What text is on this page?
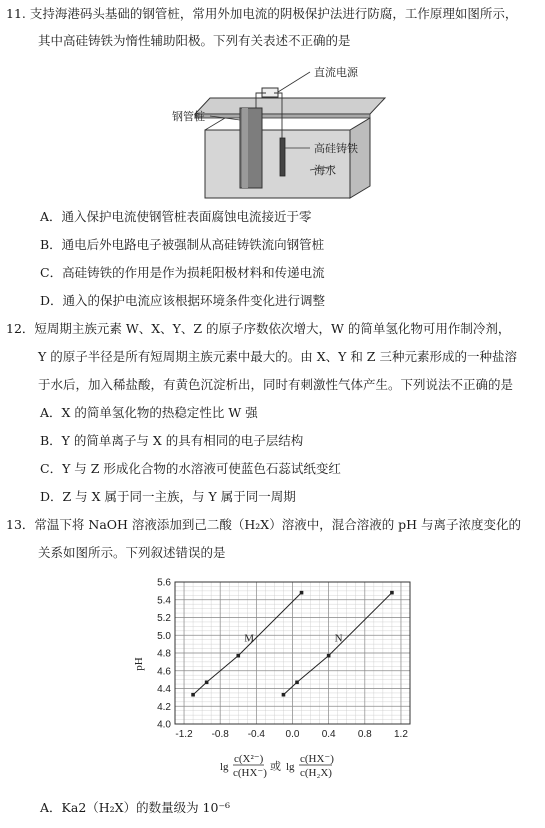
11. 支持海港码头基础的钢管桩，常用外加电流的阴极保护法进行防腐，工作原理如图所示，
其中高硅铸铁为惰性辅助阳极。下列有关表述不正确的是
直流电源
高硅铸铁
海水
钢管桩
A．通入保护电流使钢管桩表面腐蚀电流接近于零
B．通电后外电路电子被强制从高硅铸铁流向钢管桩
C．高硅铸铁的作用是作为损耗阳极材料和传递电流
D．通入的保护电流应该根据环境条件变化进行调整
12．短周期主族元素 W、X、Y、Z 的原子序数依次增大，W 的简单氢化物可用作制冷剂，
Y 的原子半径是所有短周期主族元素中最大的。由 X、Y 和 Z 三种元素形成的一种盐溶
于水后，加入稀盐酸，有黄色沉淀析出，同时有刺激性气体产生。下列说法不正确的是
A．X 的简单氢化物的热稳定性比 W 强
B．Y 的简单离子与 X 的具有相同的电子层结构
C．Y 与 Z 形成化合物的水溶液可使蓝色石蕊试纸变红
D．Z 与 X 属于同一主族，与 Y 属于同一周期
13．常温下将 NaOH 溶液添加到己二酸（H₂X）溶液中，混合溶液的 pH 与离子浓度变化的
关系如图所示。下列叙述错误的是
M	N
4.0
4.2
4.4
4.6
4.8
5.0
5.2
5.4
5.6
-1.2 -0.8 -0.4 0.0 0.4 0.8 1.2
pH
lg
c(X²⁻)
c(HX⁻) 或 lg
c(HX⁻)
c(H₂X)
A．Ka2（H₂X）的数量级为 10⁻⁶
